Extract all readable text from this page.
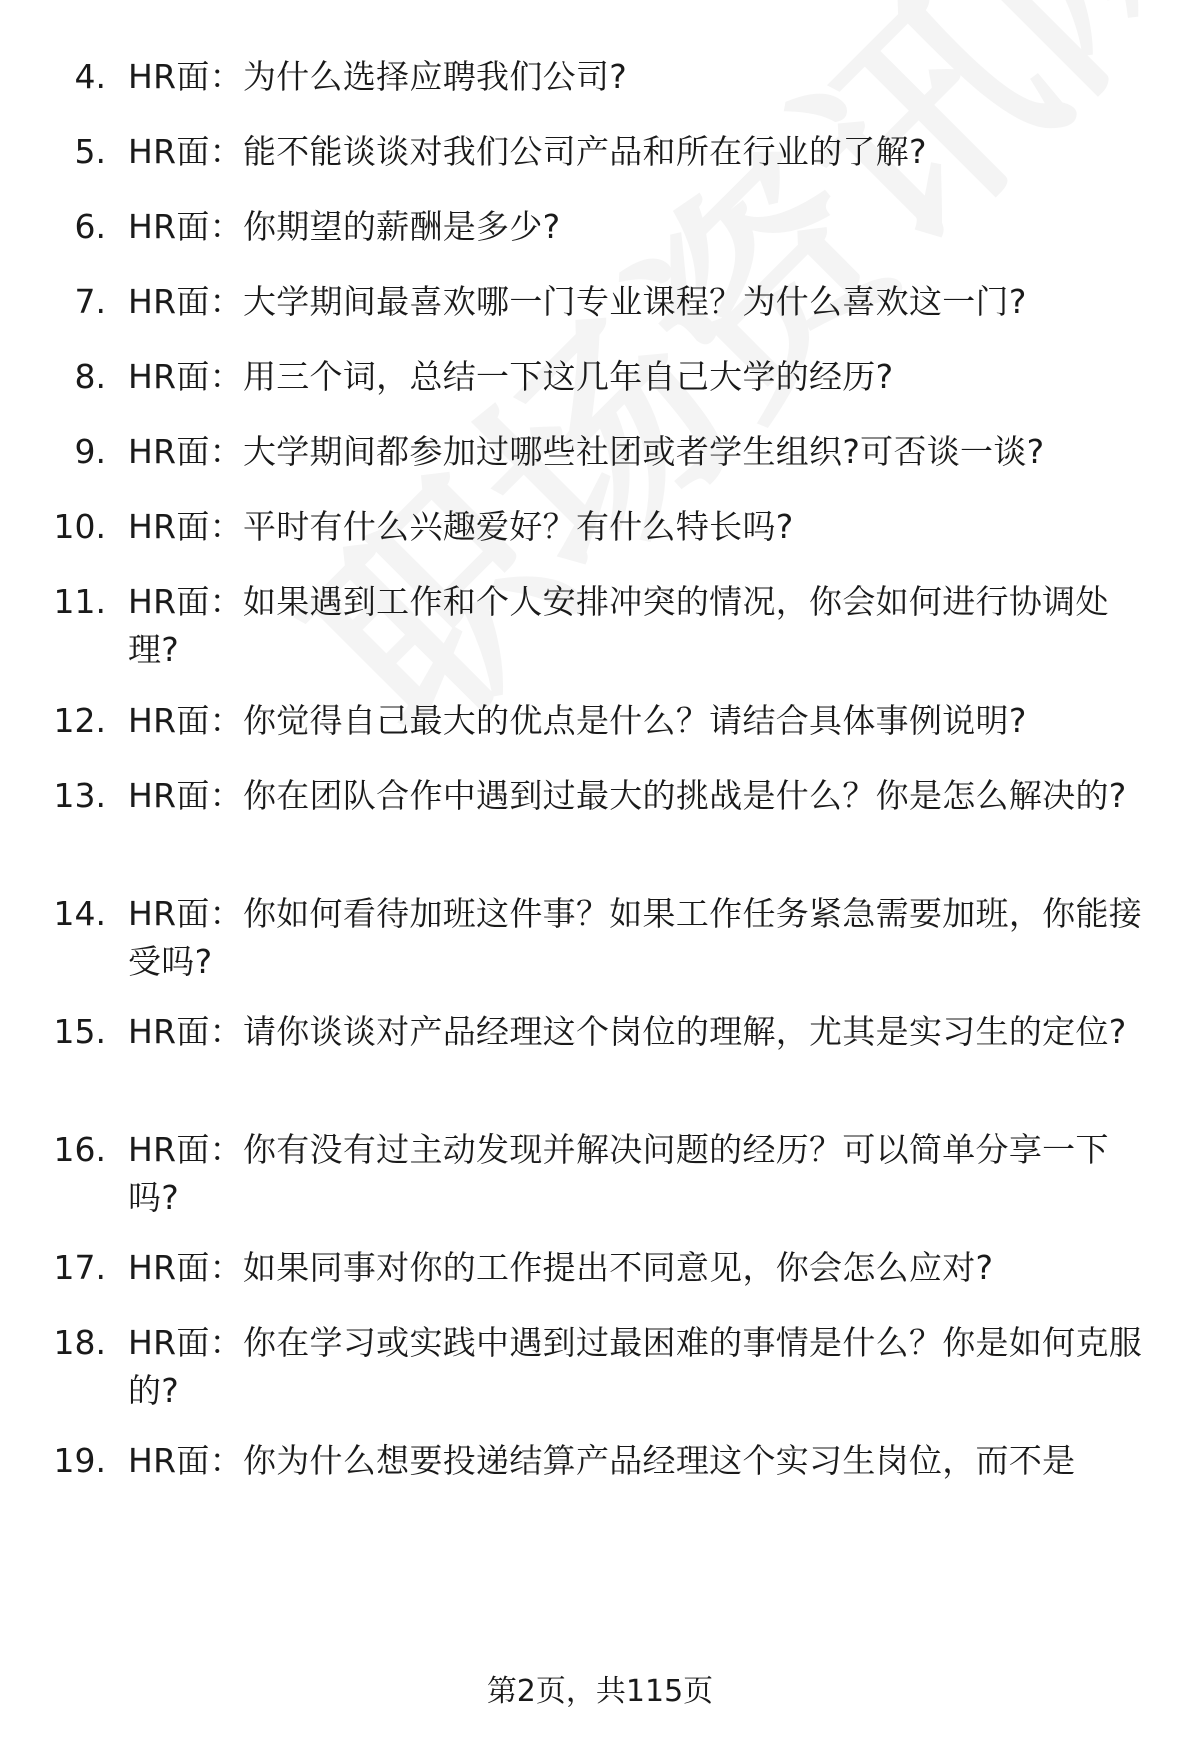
4. HR面：为什么选择应聘我们公司?
5. HR面：能不能谈谈对我们公司产品和所在行业的了解?
6. HR面：你期望的薪酬是多少?
7. HR面：大学期间最喜欢哪一门专业课程？为什么喜欢这一门?
8. HR面：用三个词，总结一下这几年自己大学的经历?
9. HR面：大学期间都参加过哪些社团或者学生组织?可否谈一谈?
10. HR面：平时有什么兴趣爱好？有什么特长吗?
11. HR面：如果遇到工作和个人安排冲突的情况，你会如何进行协调处理?
12. HR面：你觉得自己最大的优点是什么？请结合具体事例说明?
13. HR面：你在团队合作中遇到过最大的挑战是什么？你是怎么解决的?
14. HR面：你如何看待加班这件事？如果工作任务紧急需要加班，你能接受吗?
15. HR面：请你谈谈对产品经理这个岗位的理解，尤其是实习生的定位?
16. HR面：你有没有过主动发现并解决问题的经历？可以简单分享一下吗?
17. HR面：如果同事对你的工作提出不同意见，你会怎么应对?
18. HR面：你在学习或实践中遇到过最困难的事情是什么？你是如何克服的?
19. HR面：你为什么想要投递结算产品经理这个实习生岗位，而不是
第2页，共115页
